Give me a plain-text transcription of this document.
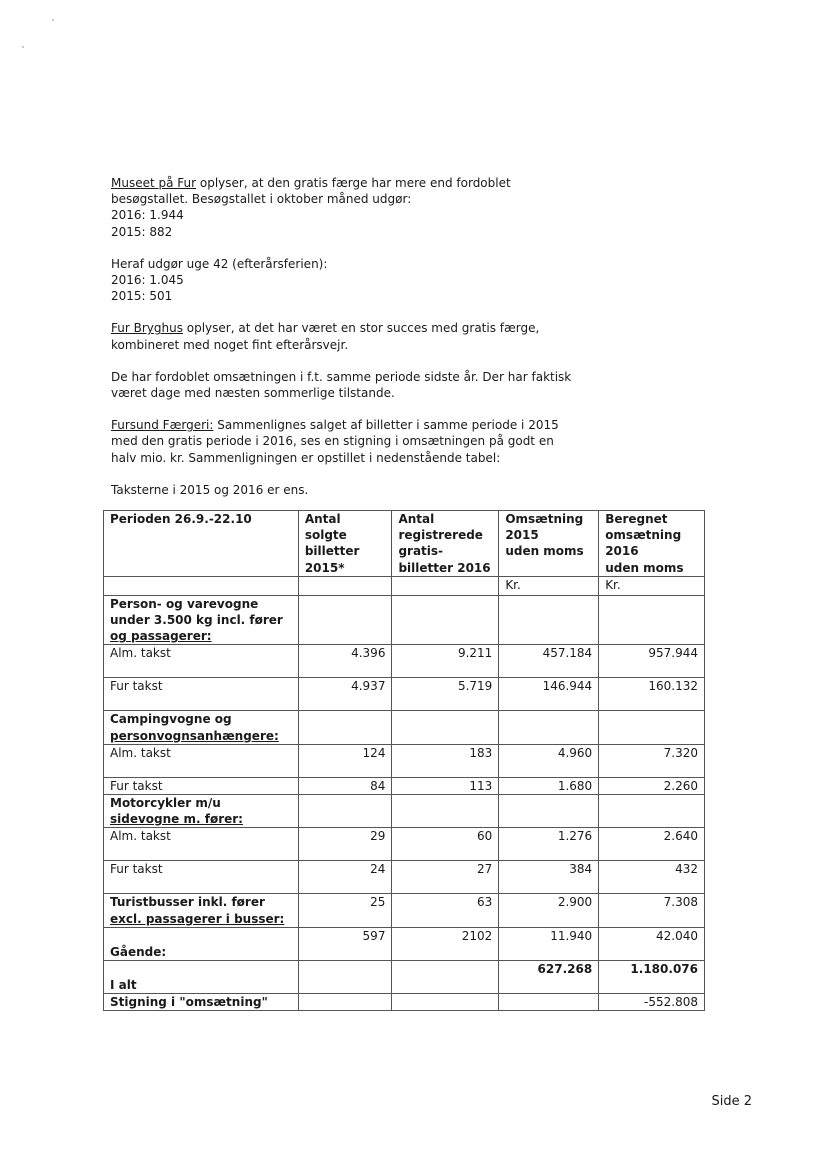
Museet på Fur oplyser, at den gratis færge har mere end fordoblet

besøgstallet. Besøgstallet i oktober måned udgør:

2016: 1.944

2015: 882

Heraf udgør uge 42 (efterårsferien):

2016: 1.045

2015: 501

Fur Bryghus oplyser, at det har været en stor succes med gratis færge,

kombineret med noget fint efterårsvejr.

De har fordoblet omsætningen i f.t. samme periode sidste år. Der har faktisk

været dage med næsten sommerlige tilstande.

Fursund Færgeri: Sammenlignes salget af billetter i samme periode i 2015

med den gratis periode i 2016, ses en stigning i omsætningen på godt en

halv mio. kr. Sammenligningen er opstillet i nedenstående tabel:

Taksterne i 2015 og 2016 er ens.

Perioden 26.9.-22.10	Antal
solgte
billetter
2015*	Antal
registrerede
gratis-
billetter 2016	Omsætning
2015
uden moms	Beregnet
omsætning
2016
uden moms
			Kr.	Kr.
Person- og varevogne
under 3.500 kg incl. fører
og passagerer:				
Alm. takst	4.396	9.211	457.184	957.944
Fur takst	4.937	5.719	146.944	160.132
Campingvogne og
personvognsanhængere:				
Alm. takst	124	183	4.960	7.320
Fur takst	84	113	1.680	2.260
Motorcykler m/u
sidevogne m. fører:				
Alm. takst	29	60	1.276	2.640
Fur takst	24	27	384	432
Turistbusser inkl. fører
excl. passagerer i busser:	25	63	2.900	7.308
Gående:	597	2102	11.940	42.040
I alt			627.268	1.180.076
Stigning i "omsætning"				-552.808
Side 2
